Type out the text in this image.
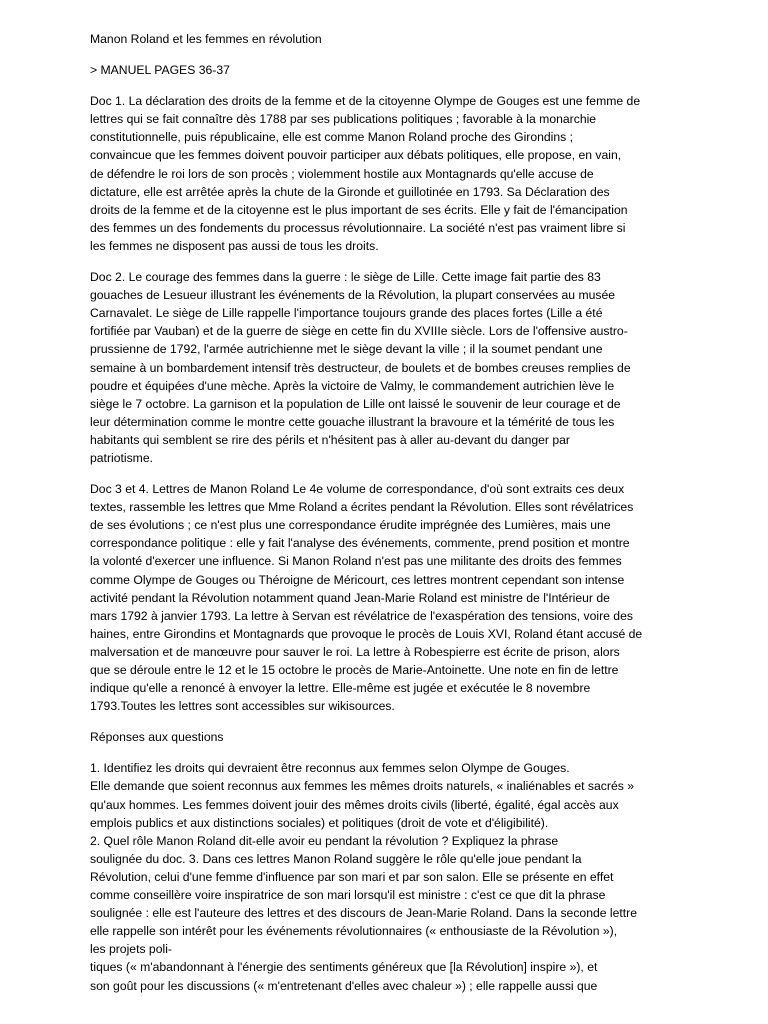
Manon Roland et les femmes en révolution

> MANUEL PAGES 36-37

Doc 1. La déclaration des droits de la femme et de la citoyenne Olympe de Gouges est une femme de
lettres qui se fait connaître dès 1788 par ses publications politiques ; favorable à la monarchie
constitutionnelle, puis républicaine, elle est comme Manon Roland proche des Girondins ;
convaincue que les femmes doivent pouvoir participer aux débats politiques, elle propose, en vain,
de défendre le roi lors de son procès ; violemment hostile aux Montagnards qu'elle accuse de
dictature, elle est arrêtée après la chute de la Gironde et guillotinée en 1793. Sa Déclaration des
droits de la femme et de la citoyenne est le plus important de ses écrits. Elle y fait de l'émancipation
des femmes un des fondements du processus révolutionnaire. La société n'est pas vraiment libre si
les femmes ne disposent pas aussi de tous les droits.

Doc 2. Le courage des femmes dans la guerre : le siège de Lille. Cette image fait partie des 83
gouaches de Lesueur illustrant les événements de la Révolution, la plupart conservées au musée
Carnavalet. Le siège de Lille rappelle l'importance toujours grande des places fortes (Lille a été
fortifiée par Vauban) et de la guerre de siège en cette fin du XVIIIe siècle. Lors de l'offensive austro-
prussienne de 1792, l'armée autrichienne met le siège devant la ville ; il la soumet pendant une
semaine à un bombardement intensif très destructeur, de boulets et de bombes creuses remplies de
poudre et équipées d'une mèche. Après la victoire de Valmy, le commandement autrichien lève le
siège le 7 octobre. La garnison et la population de Lille ont laissé le souvenir de leur courage et de
leur détermination comme le montre cette gouache illustrant la bravoure et la témérité de tous les
habitants qui semblent se rire des périls et n'hésitent pas à aller au-devant du danger par
patriotisme.

Doc 3 et 4. Lettres de Manon Roland Le 4e volume de correspondance, d'où sont extraits ces deux
textes, rassemble les lettres que Mme Roland a écrites pendant la Révolution. Elles sont révélatrices
de ses évolutions ; ce n'est plus une correspondance érudite imprégnée des Lumières, mais une
correspondance politique : elle y fait l'analyse des événements, commente, prend position et montre
la volonté d'exercer une influence. Si Manon Roland n'est pas une militante des droits des femmes
comme Olympe de Gouges ou Théroigne de Méricourt, ces lettres montrent cependant son intense
activité pendant la Révolution notamment quand Jean-Marie Roland est ministre de l'Intérieur de
mars 1792 à janvier 1793. La lettre à Servan est révélatrice de l'exaspération des tensions, voire des
haines, entre Girondins et Montagnards que provoque le procès de Louis XVI, Roland étant accusé de
malversation et de manœuvre pour sauver le roi. La lettre à Robespierre est écrite de prison, alors
que se déroule entre le 12 et le 15 octobre le procès de Marie-Antoinette. Une note en fin de lettre
indique qu'elle a renoncé à envoyer la lettre. Elle-même est jugée et exécutée le 8 novembre
1793.Toutes les lettres sont accessibles sur wikisources.

Réponses aux questions

1. Identifiez les droits qui devraient être reconnus aux femmes selon Olympe de Gouges.
Elle demande que soient reconnus aux femmes les mêmes droits naturels, « inaliénables et sacrés »
qu'aux hommes. Les femmes doivent jouir des mêmes droits civils (liberté, égalité, égal accès aux
emplois publics et aux distinctions sociales) et politiques (droit de vote et d'éligibilité).
2. Quel rôle Manon Roland dit-elle avoir eu pendant la révolution ? Expliquez la phrase
soulignée du doc. 3. Dans ces lettres Manon Roland suggère le rôle qu'elle joue pendant la
Révolution, celui d'une femme d'influence par son mari et par son salon. Elle se présente en effet
comme conseillère voire inspiratrice de son mari lorsqu'il est ministre : c'est ce que dit la phrase
soulignée : elle est l'auteure des lettres et des discours de Jean-Marie Roland. Dans la seconde lettre
elle rappelle son intérêt pour les événements révolutionnaires (« enthousiaste de la Révolution »),
les projets poli-
tiques (« m'abandonnant à l'énergie des sentiments généreux que [la Révolution] inspire »), et
son goût pour les discussions (« m'entretenant d'elles avec chaleur ») ; elle rappelle aussi que
